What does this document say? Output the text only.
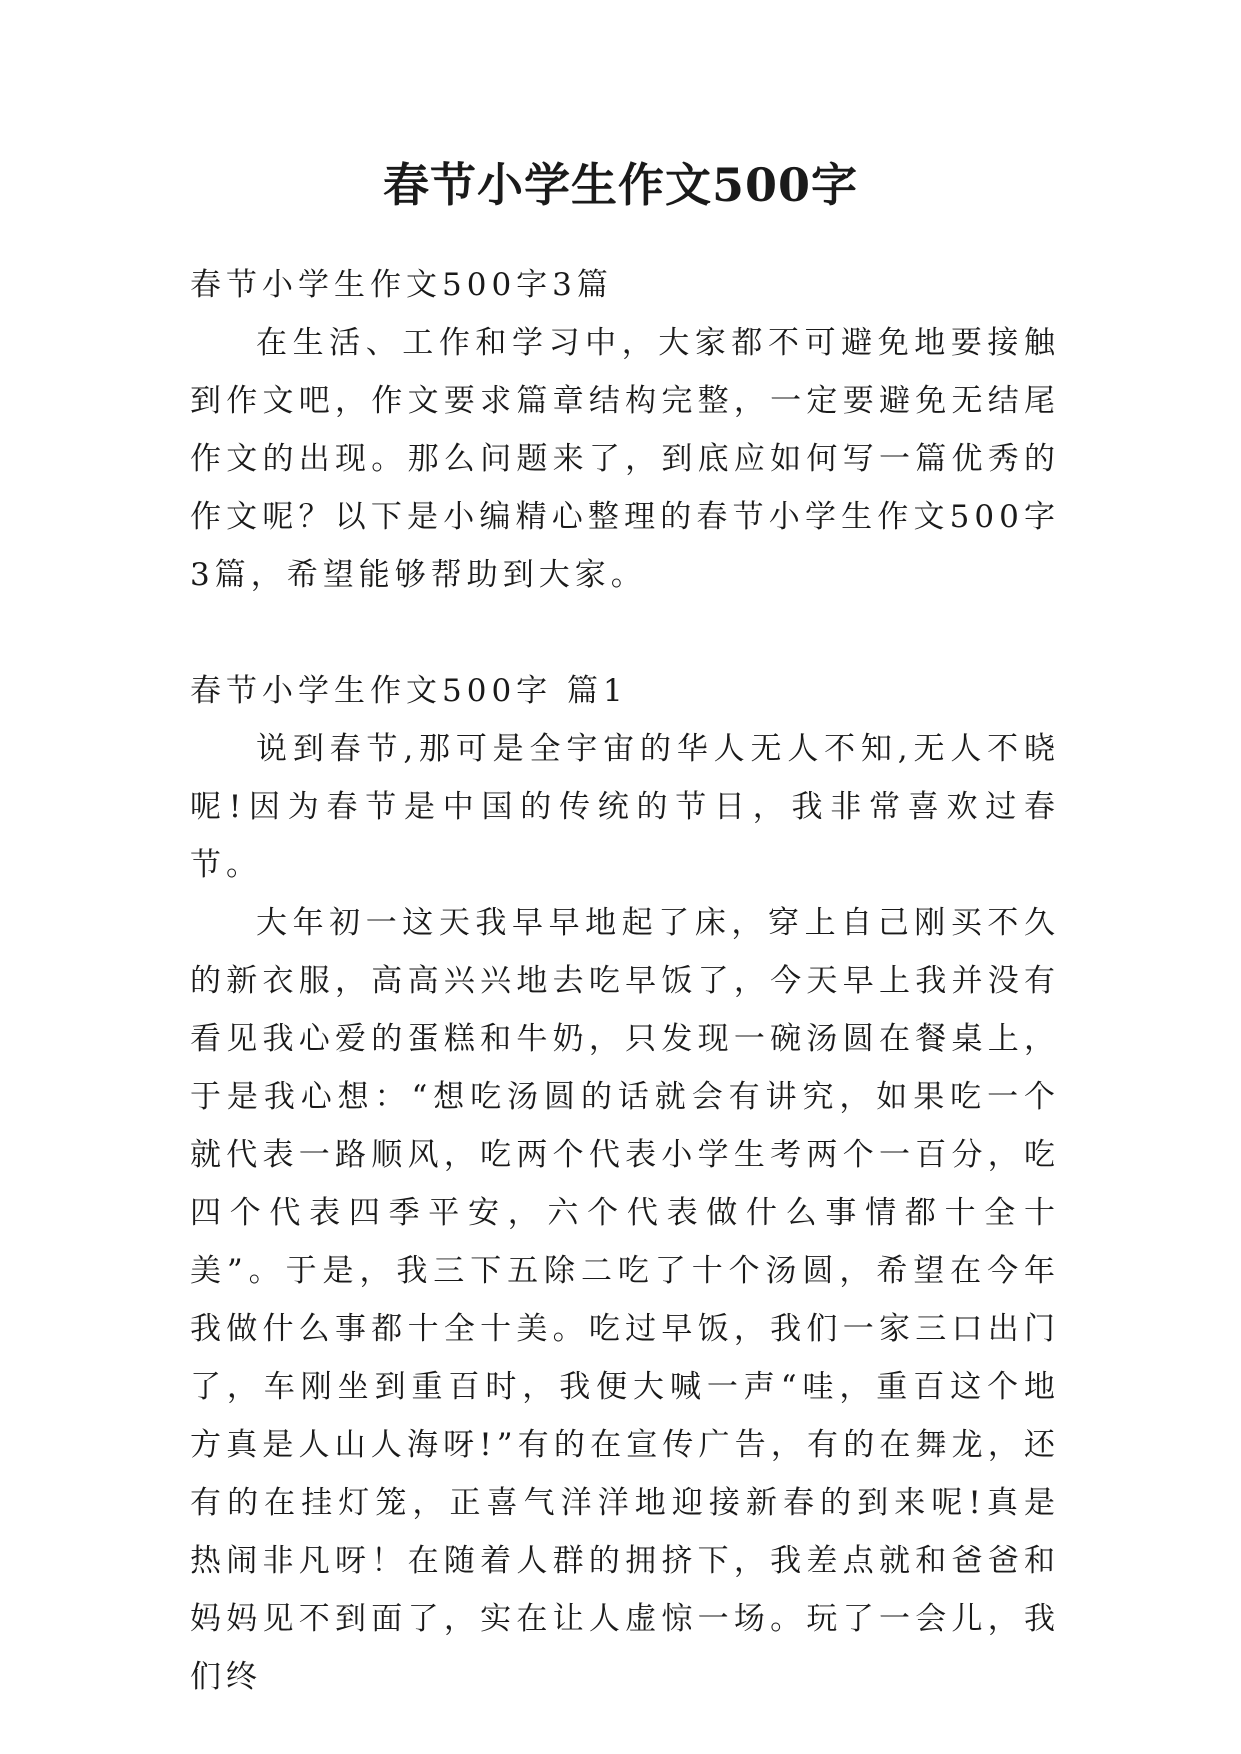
春节小学生作文500字

春节小学生作文500字3篇

在生活、工作和学习中，大家都不可避免地要接触到作文吧，作文要求篇章结构完整，一定要避免无结尾作文的出现。那么问题来了，到底应如何写一篇优秀的作文呢？以下是小编精心整理的春节小学生作文500字3篇，希望能够帮助到大家。

春节小学生作文500字 篇1

说到春节,那可是全宇宙的华人无人不知,无人不晓呢!因为春节是中国的传统的节日，我非常喜欢过春节。

大年初一这天我早早地起了床，穿上自己刚买不久的新衣服，高高兴兴地去吃早饭了，今天早上我并没有看见我心爱的蛋糕和牛奶，只发现一碗汤圆在餐桌上，于是我心想：“想吃汤圆的话就会有讲究，如果吃一个就代表一路顺风，吃两个代表小学生考两个一百分，吃四个代表四季平安，六个代表做什么事情都十全十美”。于是，我三下五除二吃了十个汤圆，希望在今年我做什么事都十全十美。吃过早饭，我们一家三口出门了，车刚坐到重百时，我便大喊一声“哇，重百这个地方真是人山人海呀!”有的在宣传广告，有的在舞龙，还有的在挂灯笼，正喜气洋洋地迎接新春的到来呢!真是热闹非凡呀！在随着人群的拥挤下，我差点就和爸爸和妈妈见不到面了，实在让人虚惊一场。玩了一会儿，我们终
